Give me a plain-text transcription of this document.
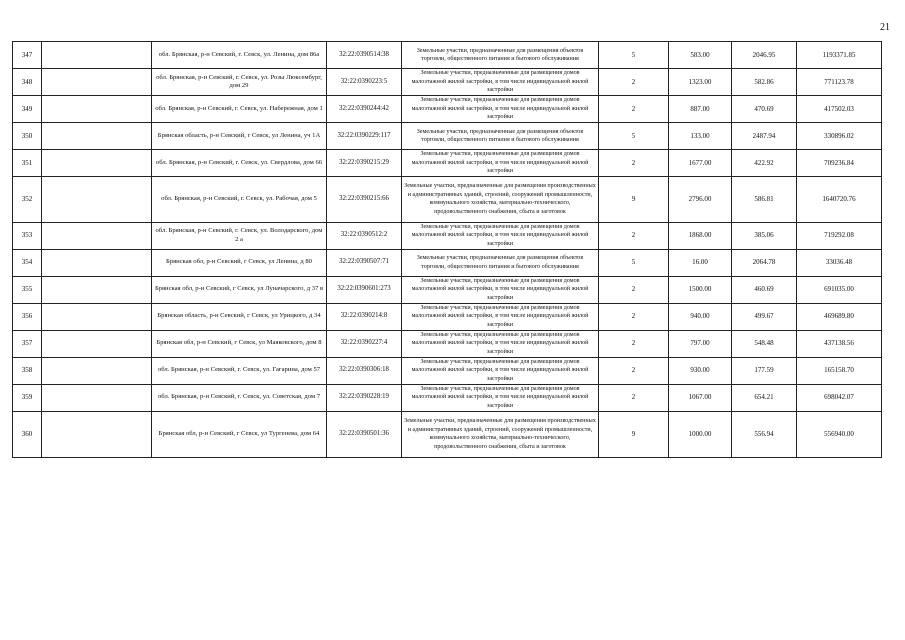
21
347		обл. Брянская, р-н Севский, г. Севск, ул. Ленина, дом 86а	32:22:0390514:38	Земельные участки, предназначенные для размещения объектов торговли, общественного питания и бытового обслуживания	5	583.00	2046.95	1193371.85
348		обл. Брянская, р-н Севский, г. Севск, ул. Розы Люксембург, дом 29	32:22:0390223:5	Земельные участки, предназначенные для размещения домов малоэтажной жилой застройки, в том числе индивидуальной жилой застройки	2	1323.00	582.86	771123.78
349		обл. Брянская, р-н Севский, г. Севск, ул. Набережная, дом 1	32:22:0390244:42	Земельные участки, предназначенные для размещения домов малоэтажной жилой застройки, в том числе индивидуальной жилой застройки	2	887.00	470.69	417502.03
350		Брянская область, р-н Севский, г Севск, ул Ленина, уч 1А	32:22:0390229:117	Земельные участки, предназначенные для размещения объектов торговли, общественного питания и бытового обслуживания	5	133.00	2487.94	330896.02
351		обл. Брянская, р-н Севский, г. Севск, ул. Свердлова, дом 66	32:22:0390215:29	Земельные участки, предназначенные для размещения домов малоэтажной жилой застройки, в том числе индивидуальной жилой застройки	2	1677.00	422.92	709236.84
352		обл. Брянская, р-н Севский, г. Севск, ул. Рабочая, дом 5	32:22:0390215:66	Земельные участки, предназначенные для размещения производственных и административных зданий, строений, сооружений промышленности, коммунального хозяйства, материально-технического, продовольственного снабжения, сбыта и заготовок	9	2796.00	586.81	1640720.76
353		обл. Брянская, р-н Севский, г. Севск, ул. Володарского, дом 2 а	32:22:0390512:2	Земельные участки, предназначенные для размещения домов малоэтажной жилой застройки, в том числе индивидуальной жилой застройки	2	1868.00	385.06	719292.08
354		Брянская обл, р-н Севский, г Севск, ул Ленина, д 80	32:22:0390507:71	Земельные участки, предназначенные для размещения объектов торговли, общественного питания и бытового обслуживания	5	16.00	2064.78	33036.48
355		Брянская обл, р-н Севский, г Севск, ул Луначарского, д 37 в	32:22:0390601:273	Земельные участки, предназначенные для размещения домов малоэтажной жилой застройки, в том числе индивидуальной жилой застройки	2	1500.00	460.69	691035.00
356		Брянская область, р-н Севский, г Севск, ул Урицкого, д 34	32:22:0390214:8	Земельные участки, предназначенные для размещения домов малоэтажной жилой застройки, в том числе индивидуальной жилой застройки	2	940.00	499.67	469689.80
357		Брянская обл, р-н Севский, г Севск, ул Маяковского, дом 8	32:22:0390227:4	Земельные участки, предназначенные для размещения домов малоэтажной жилой застройки, в том числе индивидуальной жилой застройки	2	797.00	548.48	437138.56
358		обл. Брянская, р-н Севский, г. Севск, ул. Гагарина, дом 57	32:22:0390306:18	Земельные участки, предназначенные для размещения домов малоэтажной жилой застройки, в том числе индивидуальной жилой застройки	2	930.00	177.59	165158.70
359		обл. Брянская, р-н Севский, г. Севск, ул. Советская, дом 7	32:22:0390228:19	Земельные участки, предназначенные для размещения домов малоэтажной жилой застройки, в том числе индивидуальной жилой застройки	2	1067.00	654.21	698042.07
360		Брянская обл, р-н Севский, г Севск, ул Тургенева, дом 64	32:22:0390501:36	Земельные участки, предназначенные для размещения производственных и административных зданий, строений, сооружений промышленности, коммунального хозяйства, материально-технического, продовольственного снабжения, сбыта и заготовок	9	1000.00	556.94	556940.00
